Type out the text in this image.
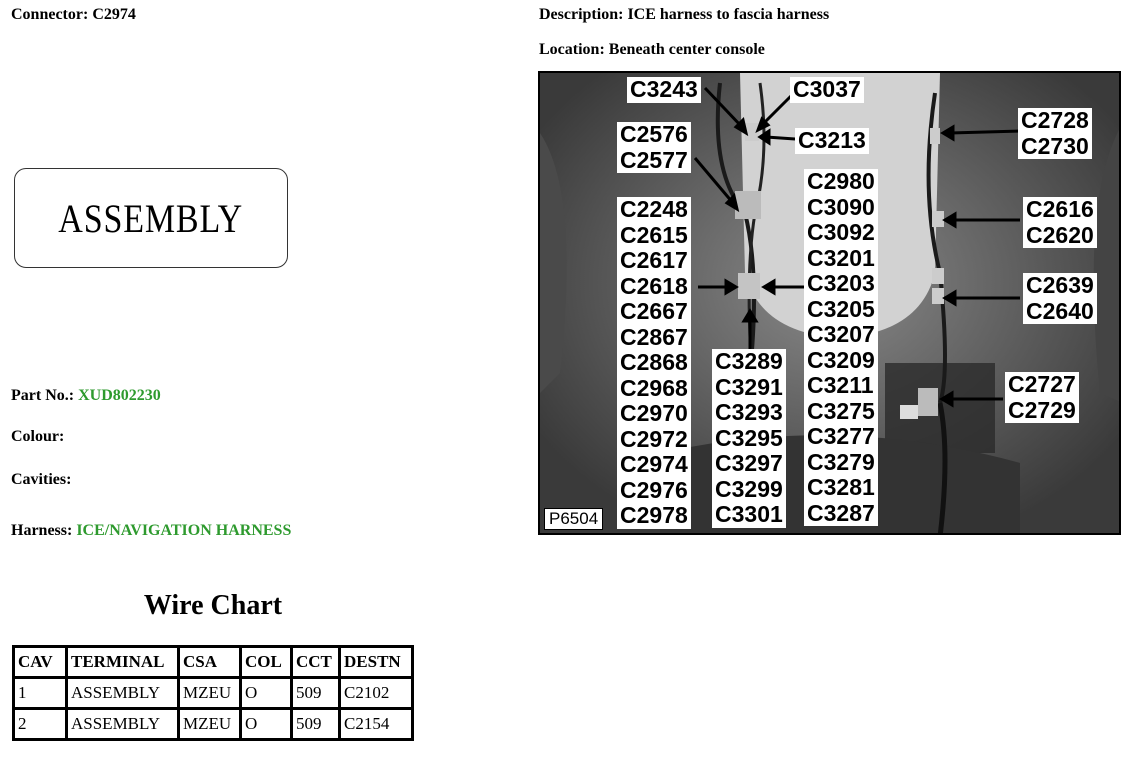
Connector: C2974	Description: ICE harness to fascia harness
Location: Beneath center console
ASSEMBLY
Part No.: XUD802230
Colour:
Cavities:
Harness: ICE/NAVIGATION HARNESS
Wire Chart
CAV	TERMINAL	CSA	COL	CCT	DESTN
1	ASSEMBLY	MZEU	O	509	C2102
2	ASSEMBLY	MZEU	O	509	C2154
C3243	C3037
C3213
C2576
C2577
C2728
C2730
C2248
C2615
C2617
C2618
C2667
C2867
C2868
C2968
C2970
C2972
C2974
C2976
C2978
C3289
C3291
C3293
C3295
C3297
C3299
C3301
C2980
C3090
C3092
C3201
C3203
C3205
C3207
C3209
C3211
C3275
C3277
C3279
C3281
C3287
C2616
C2620
C2639
C2640
C2727
C2729
P6504
